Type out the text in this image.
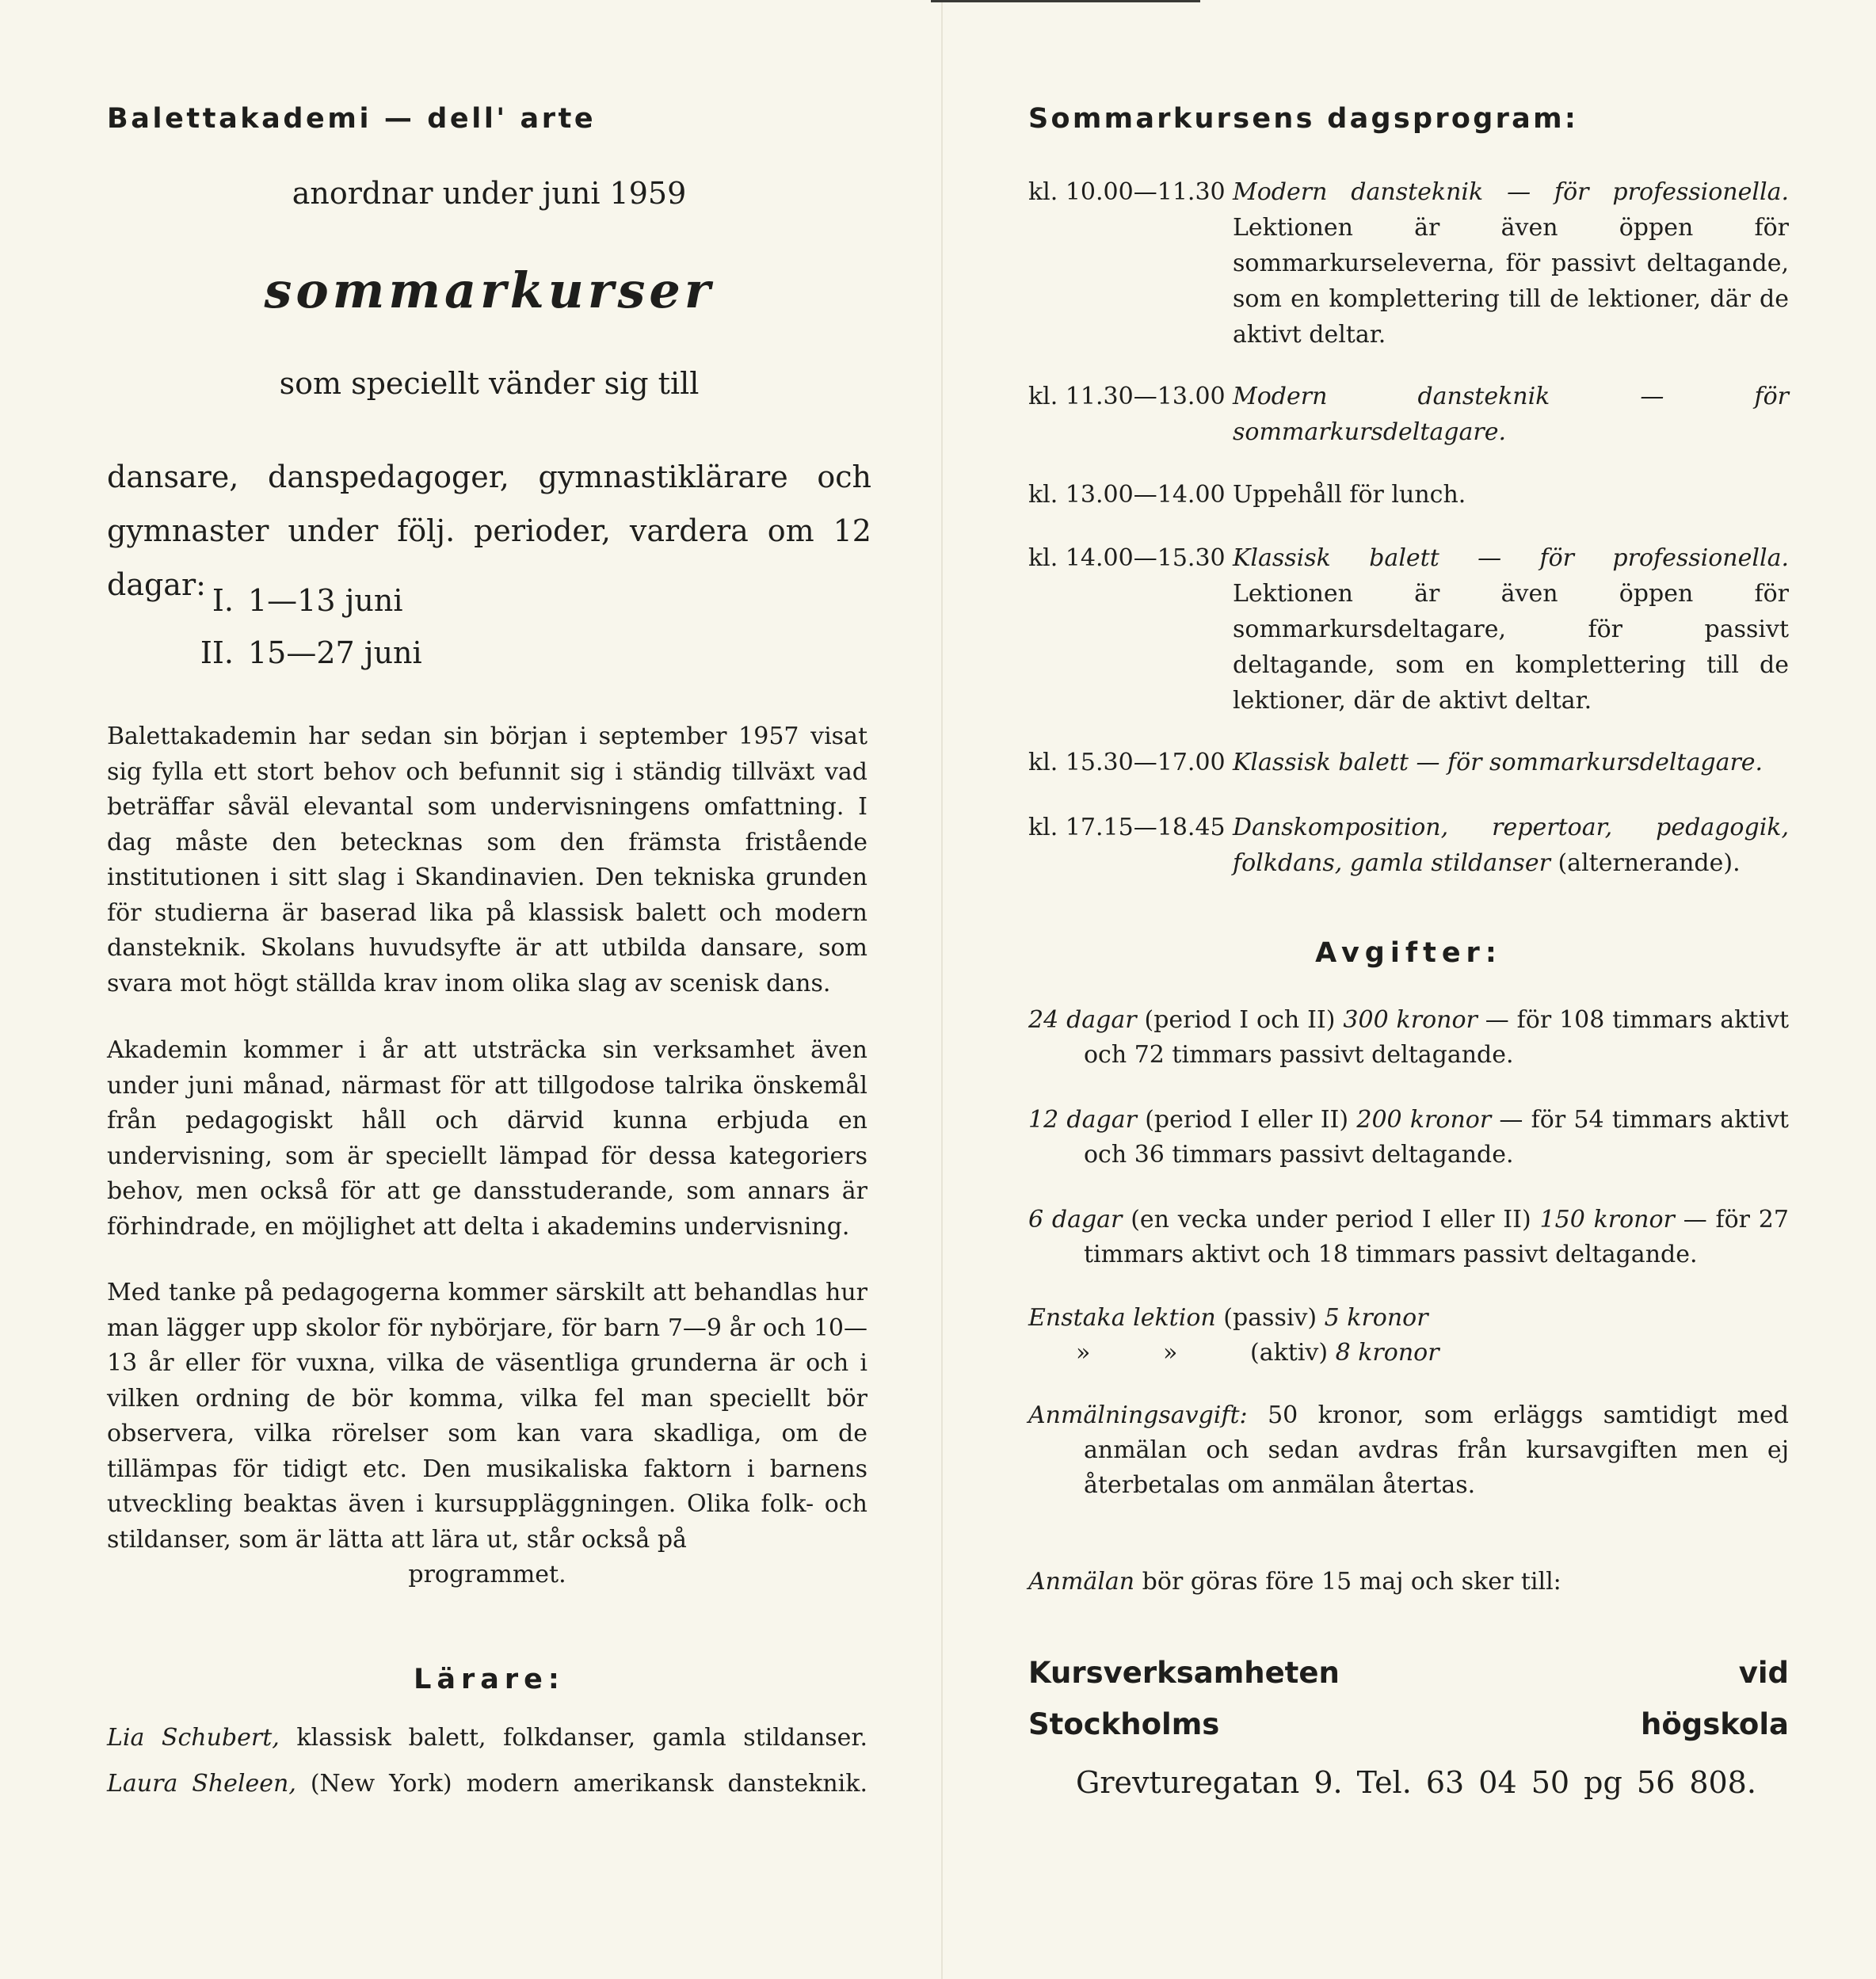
Balettakademi — dell' arte

anordnar under juni 1959

sommarkurser

som speciellt vänder sig till

dansare, danspedagoger, gymnastiklärare och gymnaster under följ. perioder, vardera om 12 dagar: I. 1—13 juni
II. 15—27 juni

Balettakademin har sedan sin början i september 1957 visat sig fylla ett stort behov och befunnit sig i ständig tillväxt vad beträffar såväl elevantal som undervisningens omfattning. I dag måste den betecknas som den främsta fristående institutionen i sitt slag i Skandinavien. Den tekniska grunden för studierna är baserad lika på klassisk balett och modern dansteknik. Skolans huvudsyfte är att utbilda dansare, som svara mot högt ställda krav inom olika slag av scenisk dans.

Akademin kommer i år att utsträcka sin verksamhet även under juni månad, närmast för att tillgodose talrika önskemål från pedagogiskt håll och därvid kunna erbjuda en undervisning, som är speciellt lämpad för dessa kategoriers behov, men också för att ge dansstuderande, som annars är förhindrade, en möjlighet att delta i akademins undervisning.

Med tanke på pedagogerna kommer särskilt att behandlas hur man lägger upp skolor för nybörjare, för barn 7—9 år och 10—13 år eller för vuxna, vilka de väsentliga grunderna är och i vilken ordning de bör komma, vilka fel man speciellt bör observera, vilka rörelser som kan vara skadliga, om de tillämpas för tidigt etc. Den musikaliska faktorn i barnens utveckling beaktas även i kursuppläggningen. Olika folk- och stildanser, som är lätta att lära ut, står också på
programmet.

Lärare:

Lia Schubert, klassisk balett, folkdanser, gamla stildanser.

Laura Sheleen, (New York) modern amerikansk dansteknik.

Sommarkursens dagsprogram:
kl. 10.00—11.30 Modern dansteknik — för professionella. Lektionen är även öppen för sommarkurseleverna, för passivt deltagande, som en komplettering till de lektioner, där de aktivt deltar.
kl. 11.30—13.00 Modern dansteknik — för sommarkursdeltagare.
kl. 13.00—14.00 Uppehåll för lunch.
kl. 14.00—15.30 Klassisk balett — för professionella. Lektionen är även öppen för sommarkursdeltagare, för passivt deltagande, som en komplettering till de lektioner, där de aktivt deltar.
kl. 15.30—17.00 Klassisk balett — för sommarkursdeltagare.
kl. 17.15—18.45 Danskomposition, repertoar, pedagogik, folkdans, gamla stildanser (alternerande).
Avgifter:

24 dagar (period I och II) 300 kronor — för 108 timmars aktivt och 72 timmars passivt deltagande.

12 dagar (period I eller II) 200 kronor — för 54 timmars aktivt och 36 timmars passivt deltagande.

6 dagar (en vecka under period I eller II) 150 kronor — för 27 timmars aktivt och 18 timmars passivt deltagande.

Enstaka lektion (passiv) 5 kronor

»	»	(aktiv) 8 kronor

Anmälningsavgift: 50 kronor, som erläggs samtidigt med anmälan och sedan avdras från kursavgiften men ej återbetalas om anmälan återtas.

Anmälan bör göras före 15 maj och sker till:

Kursverksamheten vid

Stockholms högskola

Grevturegatan 9. Tel. 63 04 50 pg 56 808.
